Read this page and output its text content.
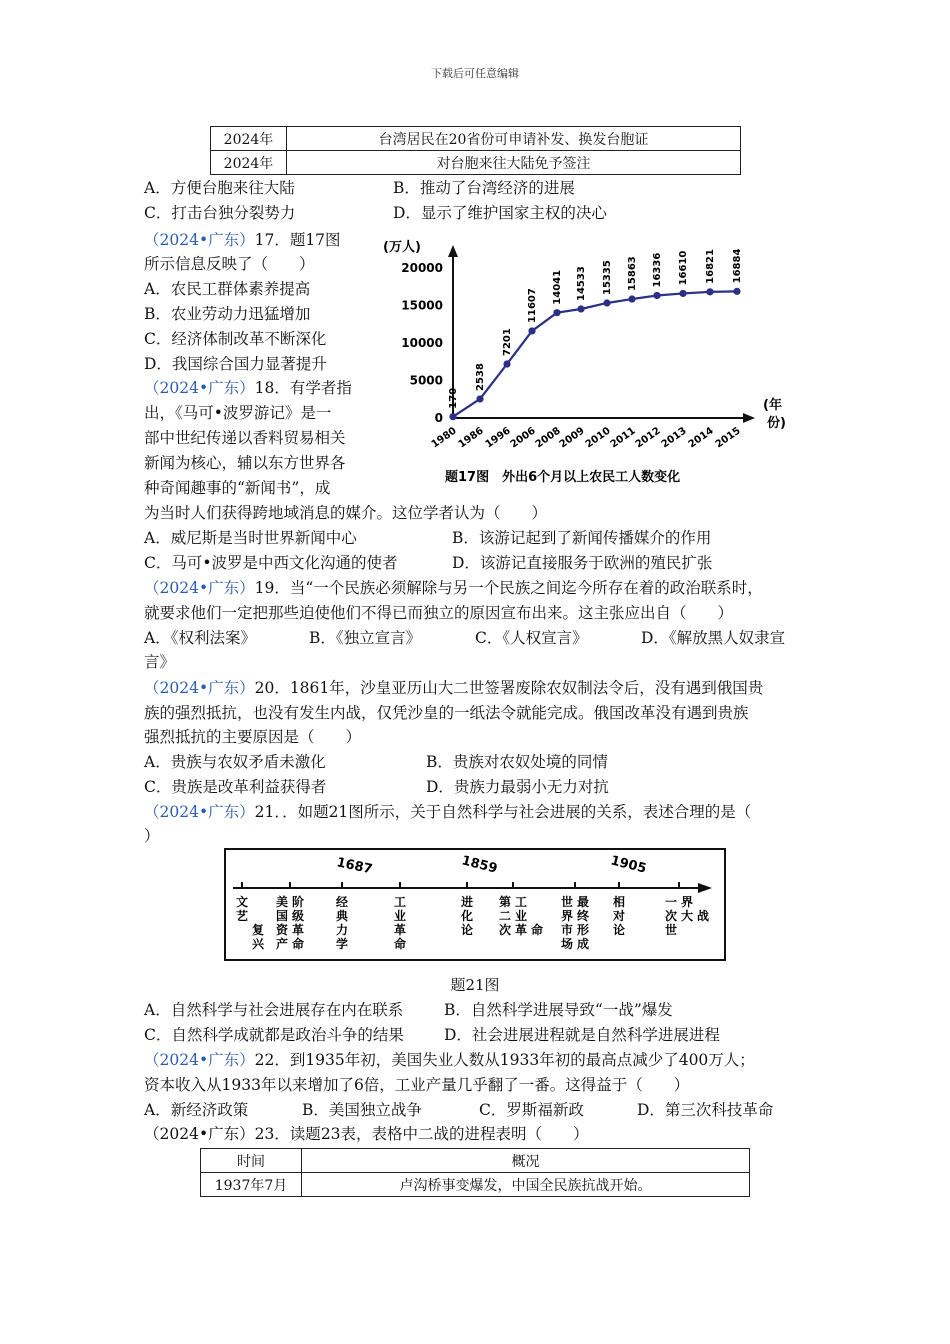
下载后可任意编辑
2024年	台湾居民在20省份可申请补发、换发台胞证
2024年	对台胞来往大陆免予签注
A．方便台胞来往大陆	B．推动了台湾经济的进展
C．打击台独分裂势力	D．显示了维护国家主权的决心
（2024•广东）17．题17图
所示信息反映了（　　）
A．农民工群体素养提高
B．农业劳动力迅猛增加
C．经济体制改革不断深化
D．我国综合国力显著提升
(万人)
(年
份)
题17图　外出6个月以上农民工人数变化
0
5000
10000
15000
20000
170
1980
2538
1986
7201
1996
11607
2006
14041
2008
14533
2009
15335
2010
15863
2011
16336
2012
16610
2013
16821
2014
16884
2015
（2024•广东）18．有学者指
出，《马可•波罗游记》是一
部中世纪传递以香料贸易相关
新闻为核心，辅以东方世界各
种奇闻趣事的“新闻书”，成
为当时人们获得跨地域消息的媒介。这位学者认为（　　）
A．威尼斯是当时世界新闻中心	B．该游记起到了新闻传播媒介的作用
C．马可•波罗是中西文化沟通的使者	D．该游记直接服务于欧洲的殖民扩张
（2024•广东）19．当“一个民族必须解除与另一个民族之间迄今所存在着的政治联系时，
就要求他们一定把那些迫使他们不得已而独立的原因宣布出来。这主张应出自（　　）
A．《权利法案》	B．《独立宣言》	C．《人权宣言》	D．《解放黑人奴隶宣
言》
（2024•广东）20．1861年，沙皇亚历山大二世签署废除农奴制法令后，没有遇到俄国贵
族的强烈抵抗，也没有发生内战，仅凭沙皇的一纸法令就能完成。俄国改革没有遇到贵族
强烈抵抗的主要原因是（　　）
A．贵族与农奴矛盾未激化	B．贵族对农奴处境的同情
C．贵族是改革利益获得者	D．贵族力最弱小无力对抗
（2024•广东）21．．如题21图所示，关于自然科学与社会进展的关系，表述合理的是（
）
1687	1859	1905
文
艺
复
兴
美
国
资
产
阶
级
革
命
经
典
力
学
工
业
革
命
进
化
论
第
二
次
工
业
革 命
世
界
市
场
最
终
形
成
相
对
论
一
次
世
界
大 战
题21图
A．自然科学与社会进展存在内在联系	B．自然科学进展导致“一战”爆发
C．自然科学成就都是政治斗争的结果	D．社会进展进程就是自然科学进展进程
（2024•广东）22．到1935年初，美国失业人数从1933年初的最高点减少了400万人；
资本收入从1933年以来增加了6倍，工业产量几乎翻了一番。这得益于（　　）
A．新经济政策	B．美国独立战争	C．罗斯福新政	D．第三次科技革命
（2024•广东）23．读题23表，表格中二战的进程表明（　　）
时间	概况
1937年7月	卢沟桥事变爆发，中国全民族抗战开始。
